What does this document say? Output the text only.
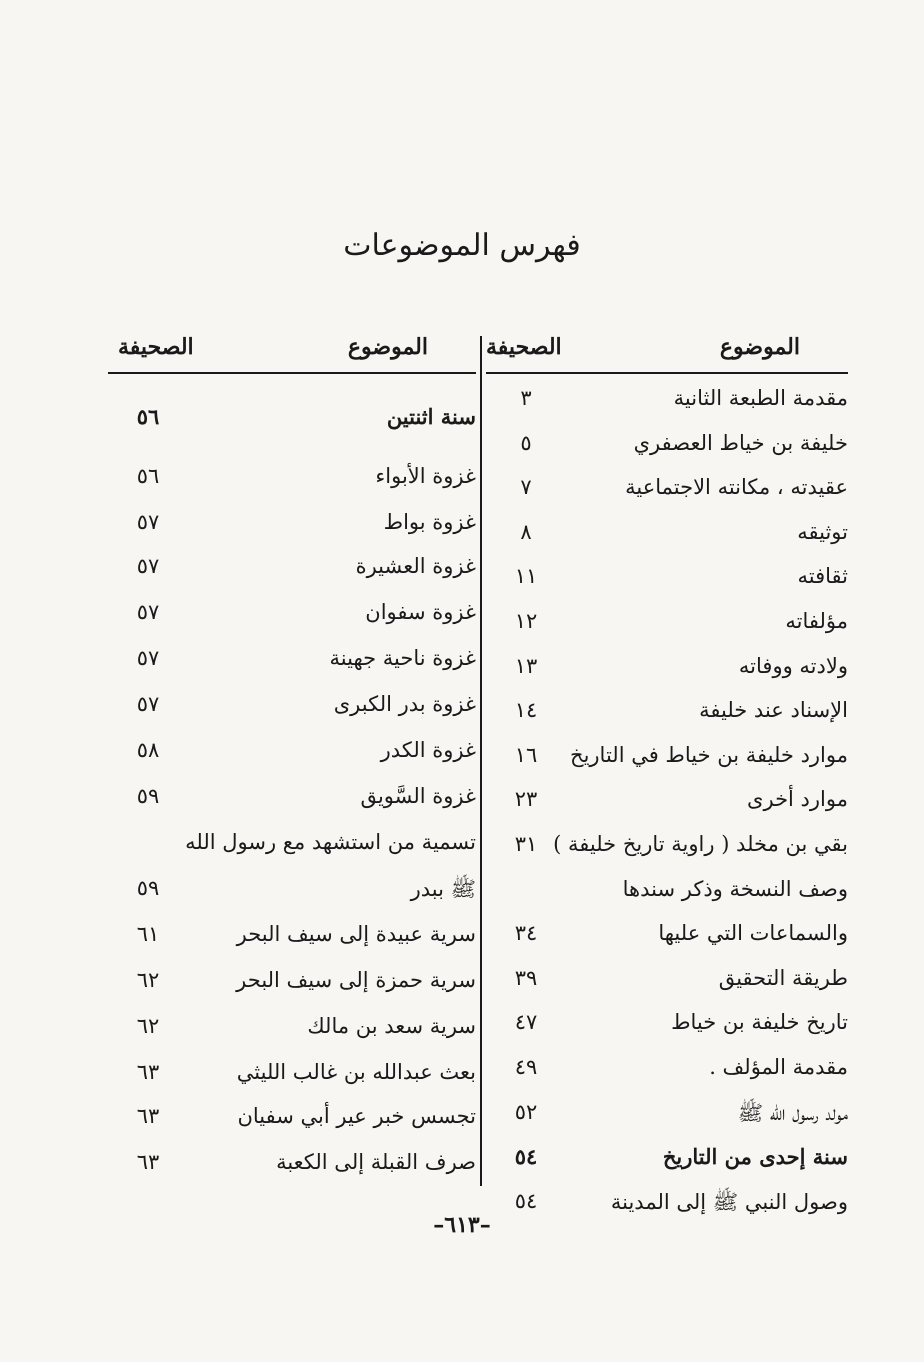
فهرس الموضوعات
الموضوع
الصحيفة
مقدمة الطبعة الثانية
٣
خليفة بن خياط العصفري
٥
عقيدته ، مكانته الاجتماعية
٧
توثيقه
٨
ثقافته
١١
مؤلفاته
١٢
ولادته ووفاته
١٣
الإسناد عند خليفة
١٤
موارد خليفة بن خياط في التاريخ
١٦
موارد أخرى
٢٣
بقي بن مخلد ( راوية تاريخ خليفة )
٣١
وصف النسخة وذكر سندها
والسماعات التي عليها
٣٤
طريقة التحقيق
٣٩
تاريخ خليفة بن خياط
٤٧
مقدمة المؤلف .
٤٩
مولد رسول الله ﷺ
٥٢
سنة إحدى من التاريخ
٥٤
وصول النبي ﷺ إلى المدينة
٥٤
الموضوع
الصحيفة
سنة اثنتين
٥٦
غزوة الأبواء
٥٦
غزوة بواط
٥٧
غزوة العشيرة
٥٧
غزوة سفوان
٥٧
غزوة ناحية جهينة
٥٧
غزوة بدر الكبرى
٥٧
غزوة الكدر
٥٨
غزوة السَّويق
٥٩
تسمية من استشهد مع رسول الله
ﷺ ببدر
٥٩
سرية عبيدة إلى سيف البحر
٦١
سرية حمزة إلى سيف البحر
٦٢
سرية سعد بن مالك
٦٢
بعث عبدالله بن غالب الليثي
٦٣
تجسس خبر عير أبي سفيان
٦٣
صرف القبلة إلى الكعبة
٦٣
–٦١٣–
